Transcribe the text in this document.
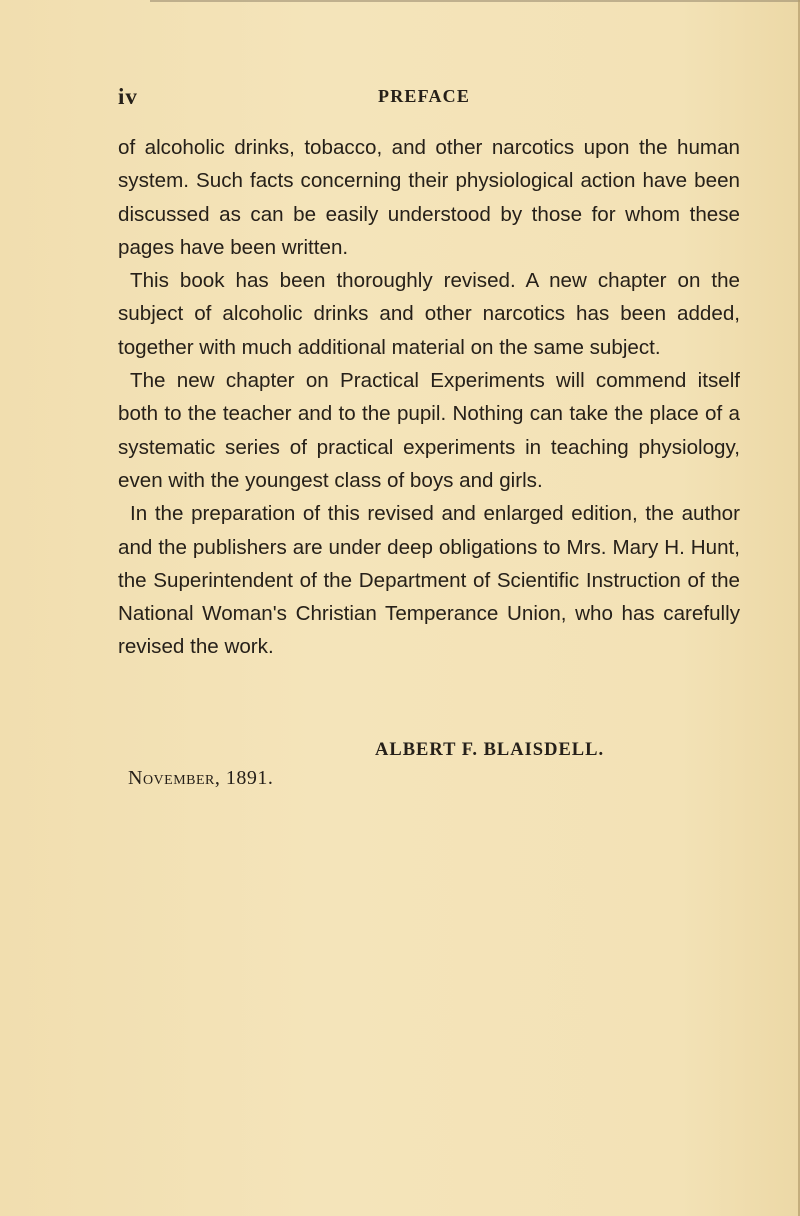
iv	PREFACE

of alcoholic drinks, tobacco, and other narcotics upon the human system. Such facts concerning their physiological action have been discussed as can be easily understood by those for whom these pages have been written.

This book has been thoroughly revised. A new chapter on the subject of alcoholic drinks and other narcotics has been added, together with much additional material on the same subject.

The new chapter on Practical Experiments will commend itself both to the teacher and to the pupil. Nothing can take the place of a systematic series of practical experiments in teaching physiology, even with the youngest class of boys and girls.

In the preparation of this revised and enlarged edition, the author and the publishers are under deep obligations to Mrs. Mary H. Hunt, the Superintendent of the Department of Scientific Instruction of the National Woman's Christian Temperance Union, who has carefully revised the work.

ALBERT F. BLAISDELL.
November, 1891.
